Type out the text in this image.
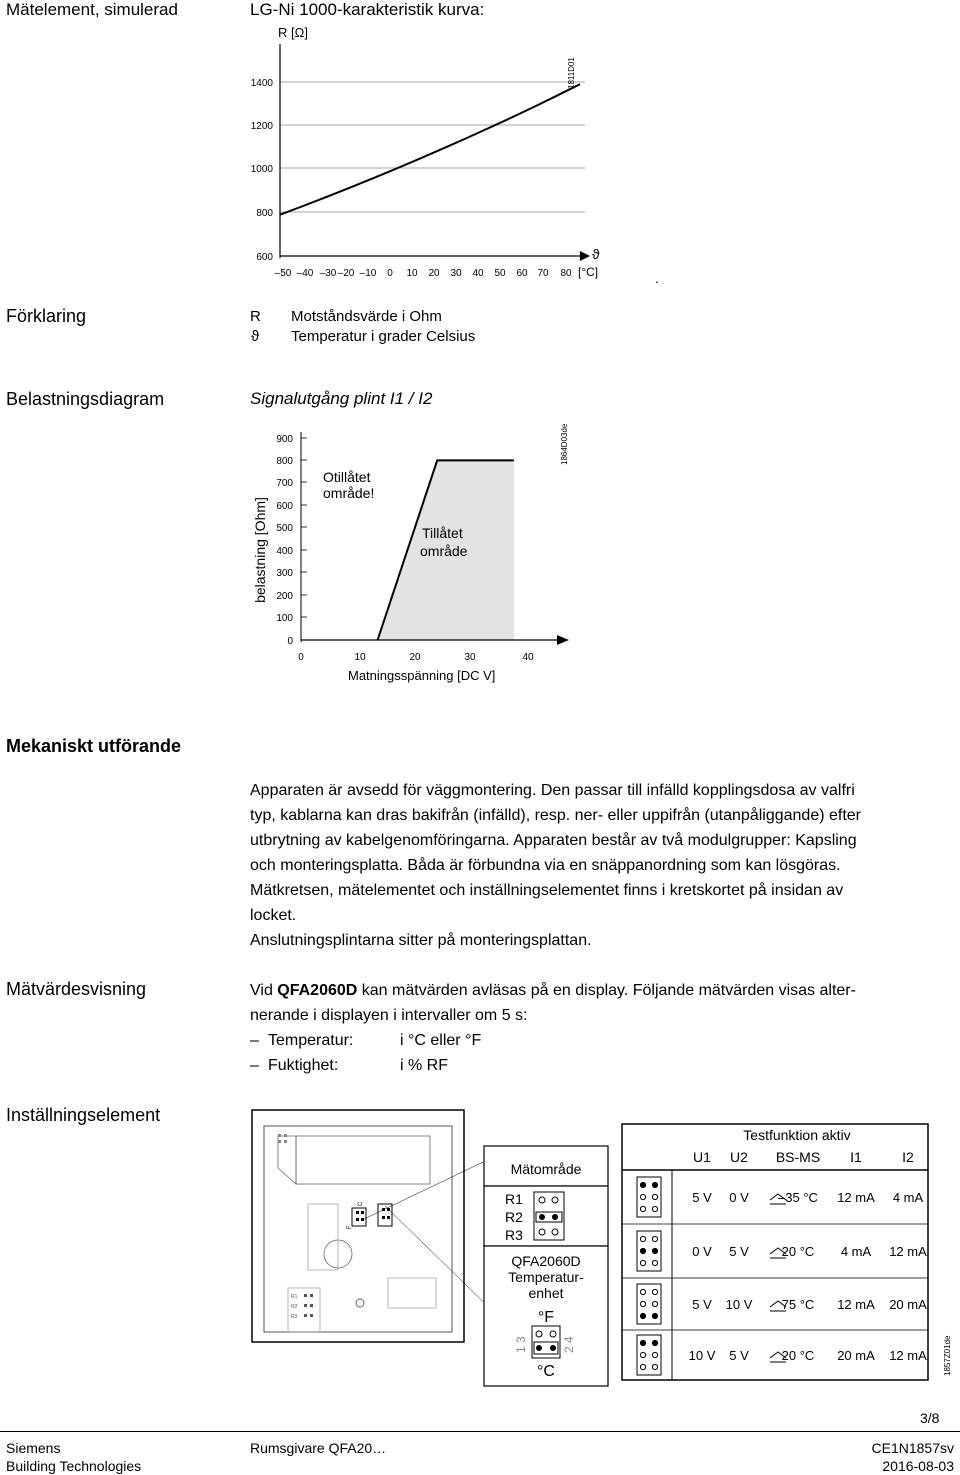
Mätelement, simulerad	LG-Ni 1000-karakteristik kurva:
R [Ω]
1811D01
1400
1200
1000
800
600
–50 –40 –30 –20 –10 0 10 20 30 40 50 60 70 80
ϑ
[°C]	.
Förklaring	R Motståndsvärde i Ohm
ϑ Temperatur i grader Celsius
Belastningsdiagram	Signalutgång plint I1 / I2
belastning [Ohm]
900
800
700
600
500
400
300
200
100
0
0	10	20	30	40
Matningsspänning [DC V]
Otillåtet
område!
Tillåtet
område
1864D03de
Mekaniskt utförande

Apparaten är avsedd för väggmontering. Den passar till infälld kopplingsdosa av valfri

typ, kablarna kan dras bakifrån (infälld), resp. ner- eller uppifrån (utanpåliggande) efter

utbrytning av kabelgenomföringarna. Apparaten består av två modulgrupper: Kapsling

och monteringsplatta. Båda är förbundna via en snäppanordning som kan lösgöras.

Mätkretsen, mätelementet och inställningselementet finns i kretskortet på insidan av

locket.

Anslutningsplintarna sitter på monteringsplattan.

Mätvärdesvisning	Vid QFA2060D kan mätvärden avläsas på en display. Följande mätvärden visas alter-

nerande i displayen i intervaller om 5 s:

– Temperatur:	i °C eller °F
– Fuktighet:	i % RF
Inställningselement
R1
R2
R3
F
C
Mätområde
R1
R2
R3
QFA2060D
Temperatur-
enhet
°F
°C
1 3	2 4
Testfunktion aktiv
U1 U2 BS-MS I1	I2
5 V 0 V –35 °C 12 mA 4 mA
0 V 5 V	20 °C 4 mA 12 mA
5 V 10 V 75 °C 12 mA 20 mA
10 V 5 V	20 °C 20 mA 12 mA 1857Z01de
3/8
Siemens
Building Technologies
Rumsgivare QFA20…	CE1N1857sv
2016-08-03
